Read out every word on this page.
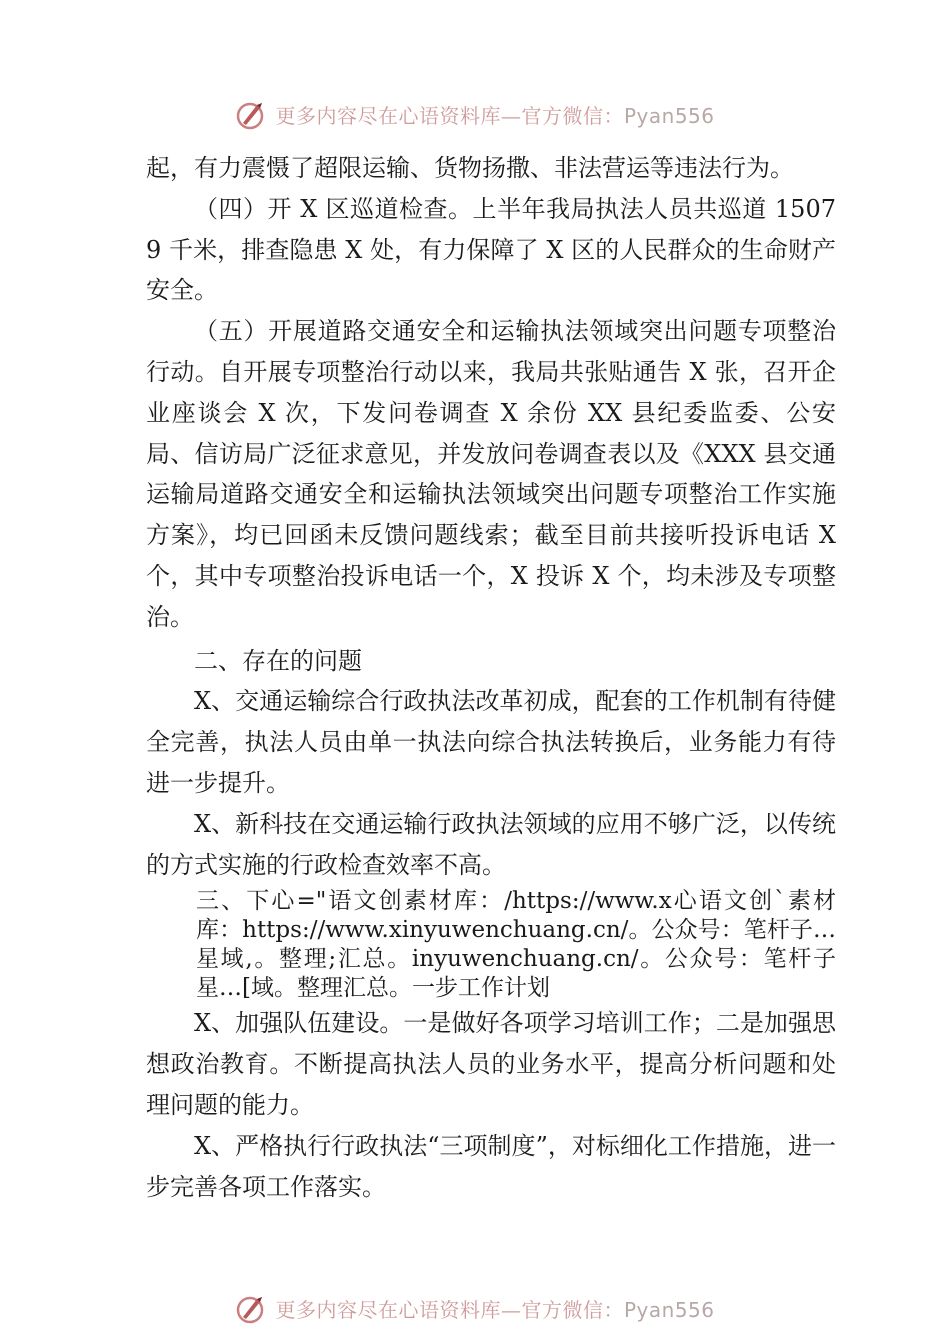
更多内容尽在心语资料库—官方微信：Pyan556

起，有力震慑了超限运输、货物扬撒、非法营运等违法行为。

（四）开 X 区巡道检查。上半年我局执法人员共巡道 15079 千米，排查隐患 X 处，有力保障了 X 区的人民群众的生命财产安全。

（五）开展道路交通安全和运输执法领域突出问题专项整治行动。自开展专项整治行动以来，我局共张贴通告 X 张，召开企业座谈会 X 次，下发问卷调查 X 余份 XX 县纪委监委、公安局、信访局广泛征求意见，并发放问卷调查表以及《XXX 县交通运输局道路交通安全和运输执法领域突出问题专项整治工作实施方案》，均已回函未反馈问题线索；截至目前共接听投诉电话 X 个，其中专项整治投诉电话一个，X 投诉 X 个，均未涉及专项整治。

二、存在的问题

X、交通运输综合行政执法改革初成，配套的工作机制有待健全完善，执法人员由单一执法向综合执法转换后，业务能力有待进一步提升。

X、新科技在交通运输行政执法领域的应用不够广泛，以传统的方式实施的行政检查效率不高。

三、下心="语文创素材库：/https://www.x心语文创`素材库：https://www.xinyuwenchuang.cn/。公众号：笔杆子…星域,。整理;汇总。inyuwenchuang.cn/。公众号：笔杆子星…[域。整理汇总。一步工作计划

X、加强队伍建设。一是做好各项学习培训工作；二是加强思想政治教育。不断提高执法人员的业务水平，提高分析问题和处理问题的能力。

X、严格执行行政执法“三项制度”，对标细化工作措施，进一步完善各项工作落实。

更多内容尽在心语资料库—官方微信：Pyan556
